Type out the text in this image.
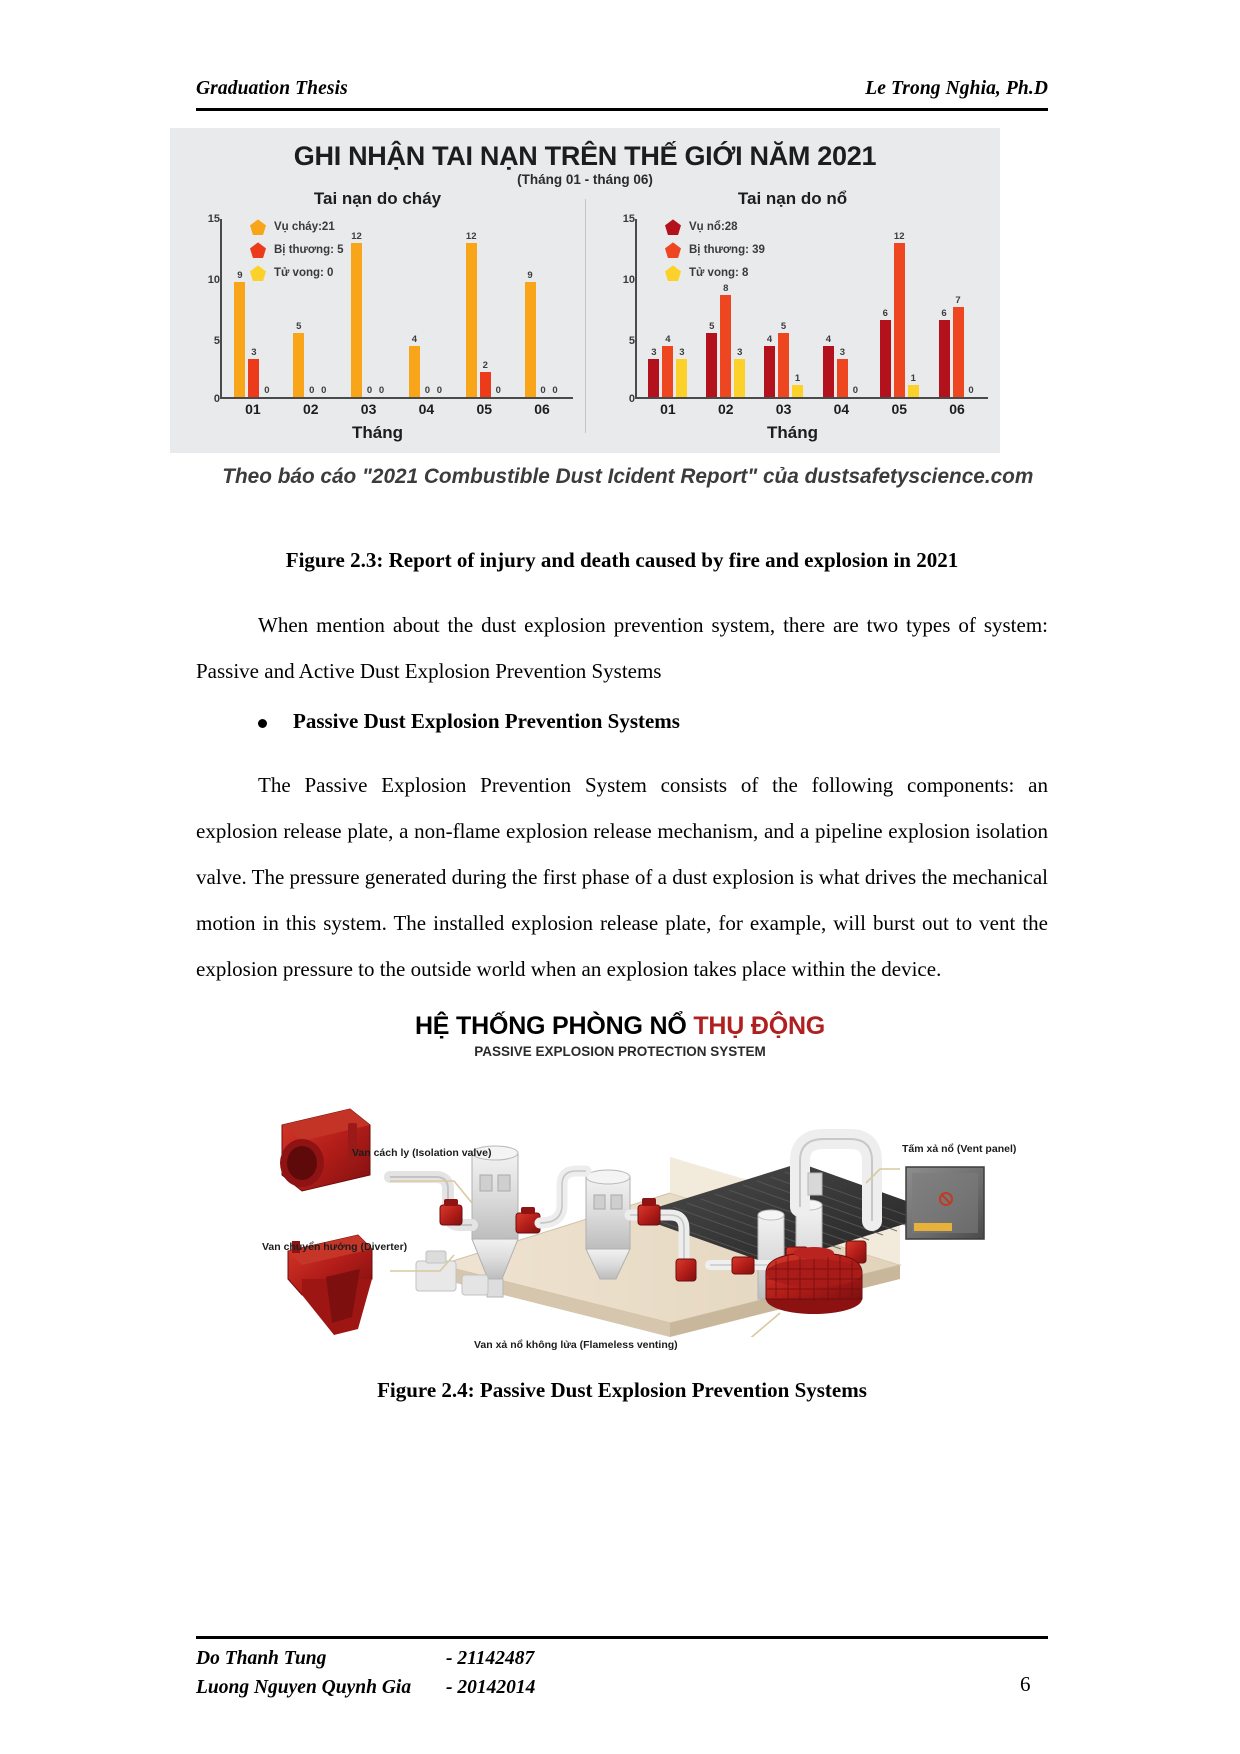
Graduation Thesis	Le Trong Nghia, Ph.D
GHI NHẬN TAI NẠN TRÊN THẾ GIỚI NĂM 2021
(Tháng 01 - tháng 06)
Tai nạn do cháy
15
10
5
0
Vụ cháy:21
Bị thương: 5
Tử vong: 0
9
3
0
5
0 0
12
0 0
4
0 0
12
2
0
9
0 0
01	02	03	04	05	06
Tháng
Tai nạn do nổ
15
10
5
0
Vụ nổ:28
Bị thương: 39
Tử vong: 8
3
4
3
5
8
3
4
5
1
4
3
0
6
12
1
6
7
0
01	02	03	04	05	06
Tháng
Theo báo cáo "2021 Combustible Dust Icident Report" của dustsafetyscience.com
Figure 2.3: Report of injury and death caused by fire and explosion in 2021
When mention about the dust explosion prevention system, there are two types of system: Passive and Active Dust Explosion Prevention Systems
Passive Dust Explosion Prevention Systems
The Passive Explosion Prevention System consists of the following components: an explosion release plate, a non-flame explosion release mechanism, and a pipeline explosion isolation valve. The pressure generated during the first phase of a dust explosion is what drives the mechanical motion in this system. The installed explosion release plate, for example, will burst out to vent the explosion pressure to the outside world when an explosion takes place within the device.
HỆ THỐNG PHÒNG NỔ THỤ ĐỘNG
PASSIVE EXPLOSION PROTECTION SYSTEM
Van cách ly (Isolation valve)
Van chuyển hướng (Diverter)
Tấm xả nổ (Vent panel)
Van xả nổ không lửa (Flameless venting)
Figure 2.4: Passive Dust Explosion Prevention Systems
Do Thanh Tung	- 21142487
Luong Nguyen Quynh Gia	- 20142014	6
